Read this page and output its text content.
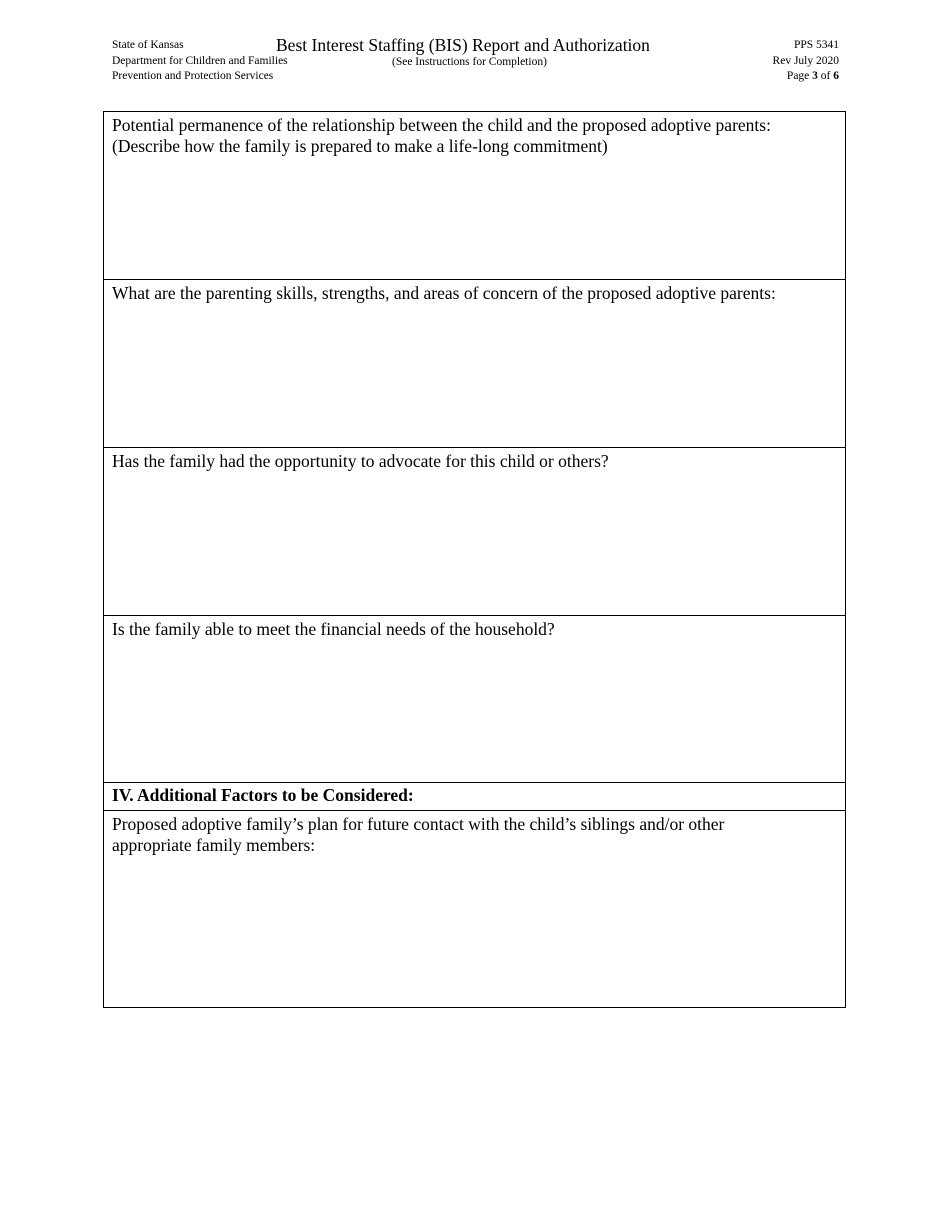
State of Kansas
Department for Children and Families
Prevention and Protection Services
Best Interest Staffing (BIS) Report and Authorization
(See Instructions for Completion)
PPS 5341
Rev July 2020
Page 3 of 6
Potential permanence of the relationship between the child and the proposed adoptive parents:
(Describe how the family is prepared to make a life-long commitment)
What are the parenting skills, strengths, and areas of concern of the proposed adoptive parents:
Has the family had the opportunity to advocate for this child or others?
Is the family able to meet the financial needs of the household?
IV. Additional Factors to be Considered:
Proposed adoptive family’s plan for future contact with the child’s siblings and/or other
appropriate family members:
